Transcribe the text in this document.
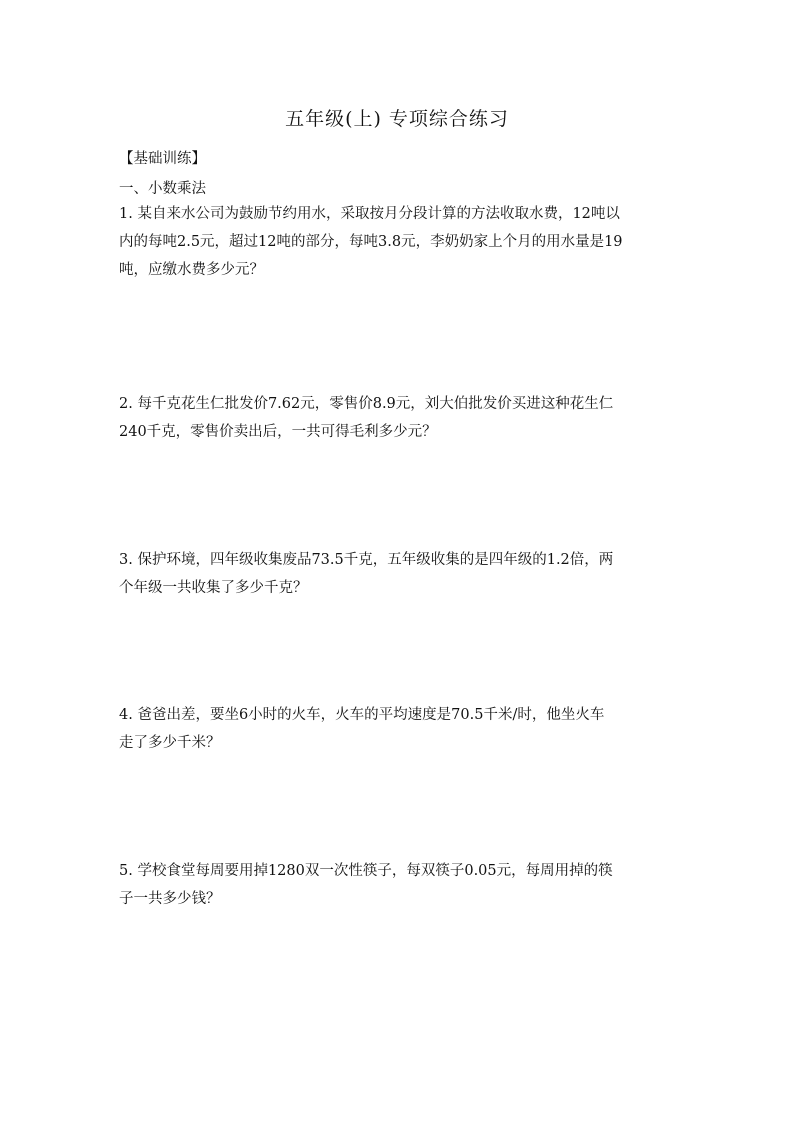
五年级(上) 专项综合练习
【基础训练】
一、小数乘法
1. 某自来水公司为鼓励节约用水，采取按月分段计算的方法收取水费，12吨以
内的每吨2.5元，超过12吨的部分，每吨3.8元，李奶奶家上个月的用水量是19
吨，应缴水费多少元？
2. 每千克花生仁批发价7.62元，零售价8.9元，刘大伯批发价买进这种花生仁
240千克，零售价卖出后，一共可得毛利多少元？
3. 保护环境，四年级收集废品73.5千克，五年级收集的是四年级的1.2倍，两
个年级一共收集了多少千克？
4. 爸爸出差，要坐6小时的火车，火车的平均速度是70.5千米/时，他坐火车
走了多少千米？
5. 学校食堂每周要用掉1280双一次性筷子，每双筷子0.05元，每周用掉的筷
子一共多少钱？
